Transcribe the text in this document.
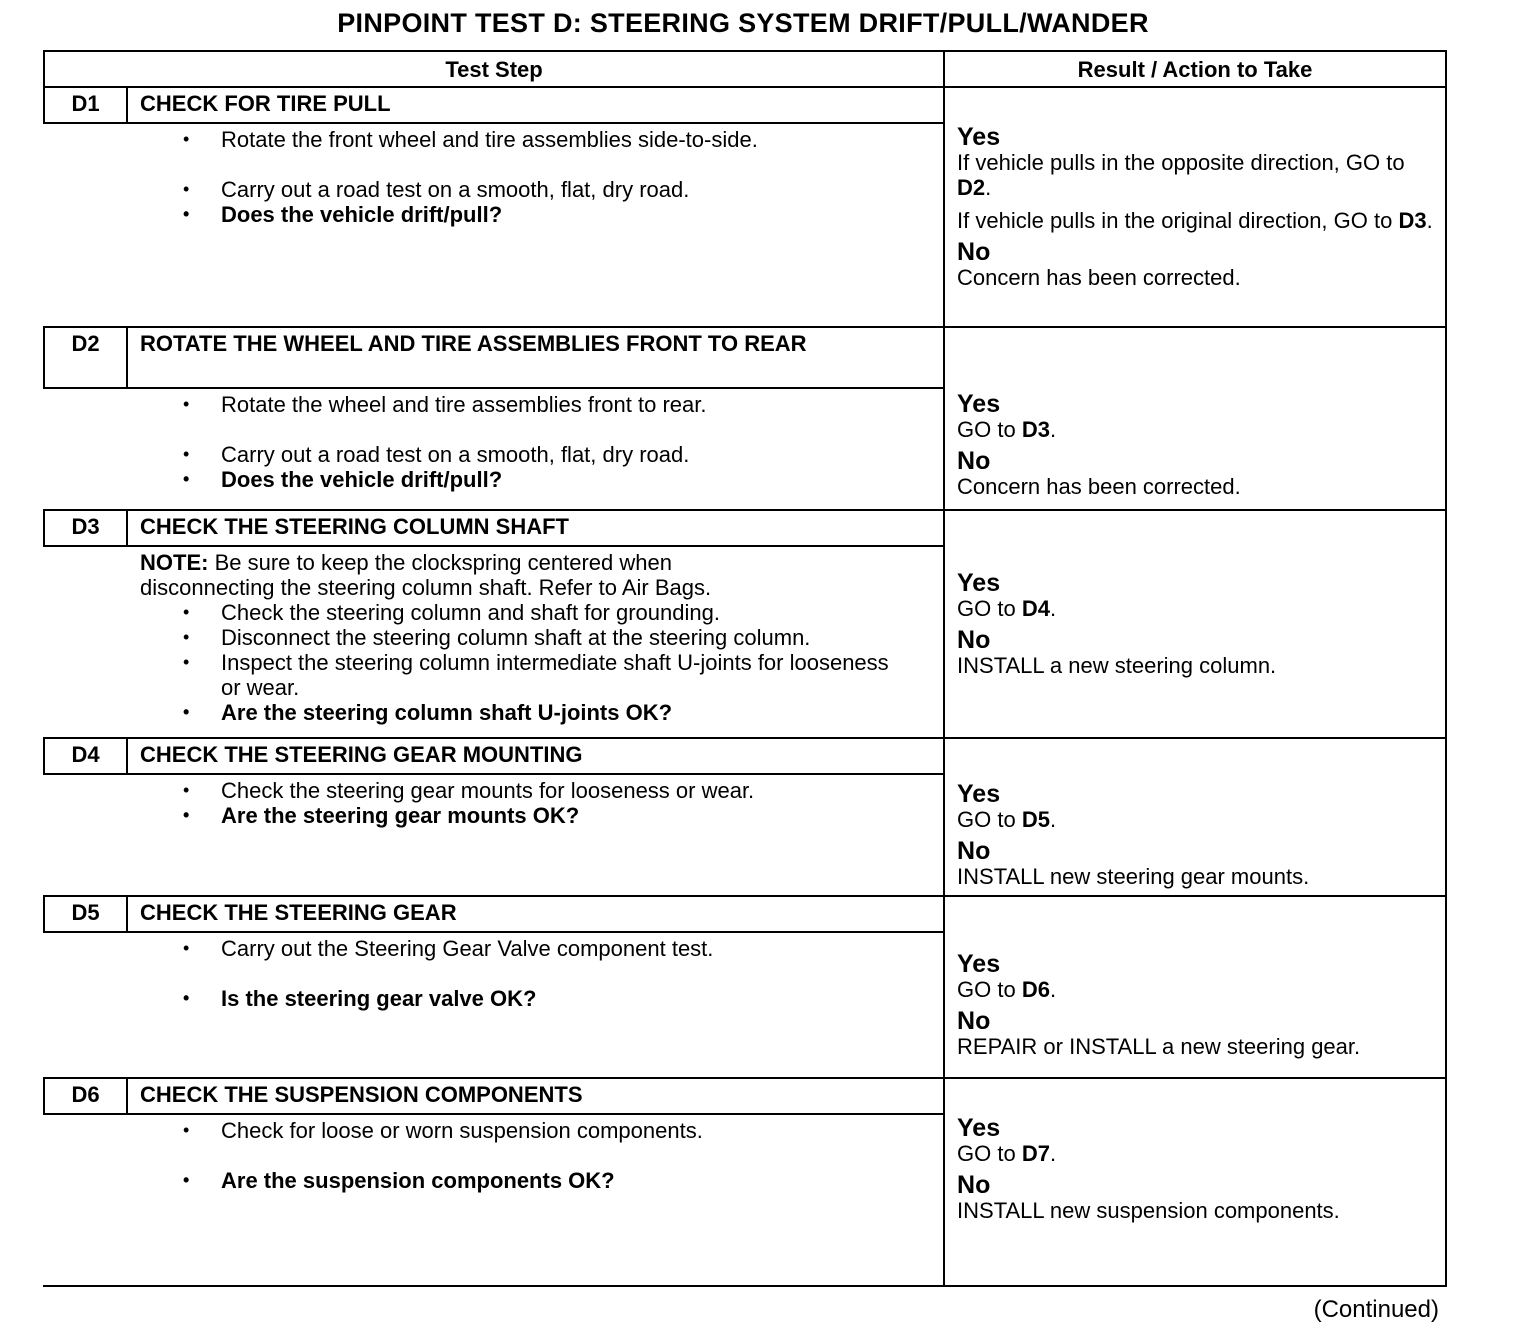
PINPOINT TEST D: STEERING SYSTEM DRIFT/PULL/WANDER
Test Step		Result / Action to Take
D1	CHECK FOR TIRE PULL	Yes
If vehicle pulls in the opposite direction, GO to D2.
If vehicle pulls in the original direction, GO to D3.
No
Concern has been corrected.

• Rotate the front wheel and tire assemblies side-to-side.
• Carry out a road test on a smooth, flat, dry road.
• Does the vehicle drift/pull?

D2	ROTATE THE WHEEL AND TIRE ASSEMBLIES FRONT TO REAR	Yes
GO to D3.
No
Concern has been corrected.

• Rotate the wheel and tire assemblies front to rear.
• Carry out a road test on a smooth, flat, dry road.
• Does the vehicle drift/pull?

D3	CHECK THE STEERING COLUMN SHAFT	Yes
GO to D4.
No
INSTALL a new steering column.

NOTE: Be sure to keep the clockspring centered when disconnecting the steering column shaft. Refer to Air Bags.
• Check the steering column and shaft for grounding.
• Disconnect the steering column shaft at the steering column.
• Inspect the steering column intermediate shaft U-joints for looseness or wear.
• Are the steering column shaft U-joints OK?

D4	CHECK THE STEERING GEAR MOUNTING	Yes
GO to D5.
No
INSTALL new steering gear mounts.

• Check the steering gear mounts for looseness or wear.
• Are the steering gear mounts OK?

D5	CHECK THE STEERING GEAR	Yes
GO to D6.
No
REPAIR or INSTALL a new steering gear.

• Carry out the Steering Gear Valve component test.
• Is the steering gear valve OK?

D6	CHECK THE SUSPENSION COMPONENTS	Yes
GO to D7.
No
INSTALL new suspension components.

• Check for loose or worn suspension components.
• Are the suspension components OK?
(Continued)
